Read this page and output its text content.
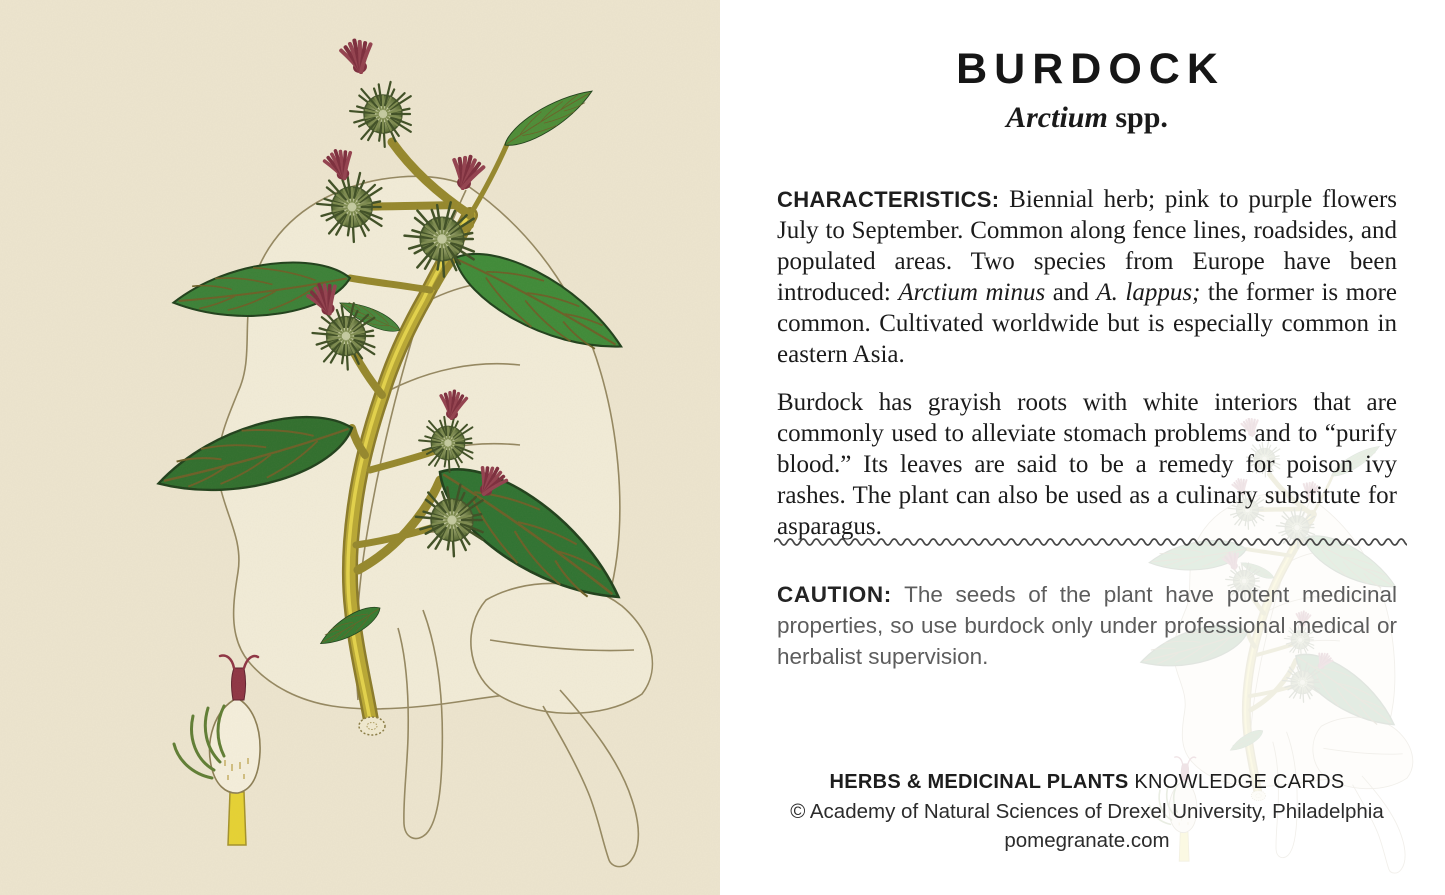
BURDOCK
Arctium spp.

CHARACTERISTICS: Biennial herb; pink to purple flowers July to September. Common along fence lines, roadsides, and populated areas. Two species from Europe have been introduced: Arctium minus and A. lappus; the former is more common. Cultivated worldwide but is especially common in eastern Asia.

Burdock has grayish roots with white interiors that are commonly used to alleviate stomach problems and to “purify blood.” Its leaves are said to be a remedy for poison ivy rashes. The plant can also be used as a culinary substitute for asparagus.

CAUTION: The seeds of the plant have potent medicinal properties, so use burdock only under professional medical or herbalist supervision.

HERBS & MEDICINAL PLANTS KNOWLEDGE CARDS
© Academy of Natural Sciences of Drexel University, Philadelphia
pomegranate.com
